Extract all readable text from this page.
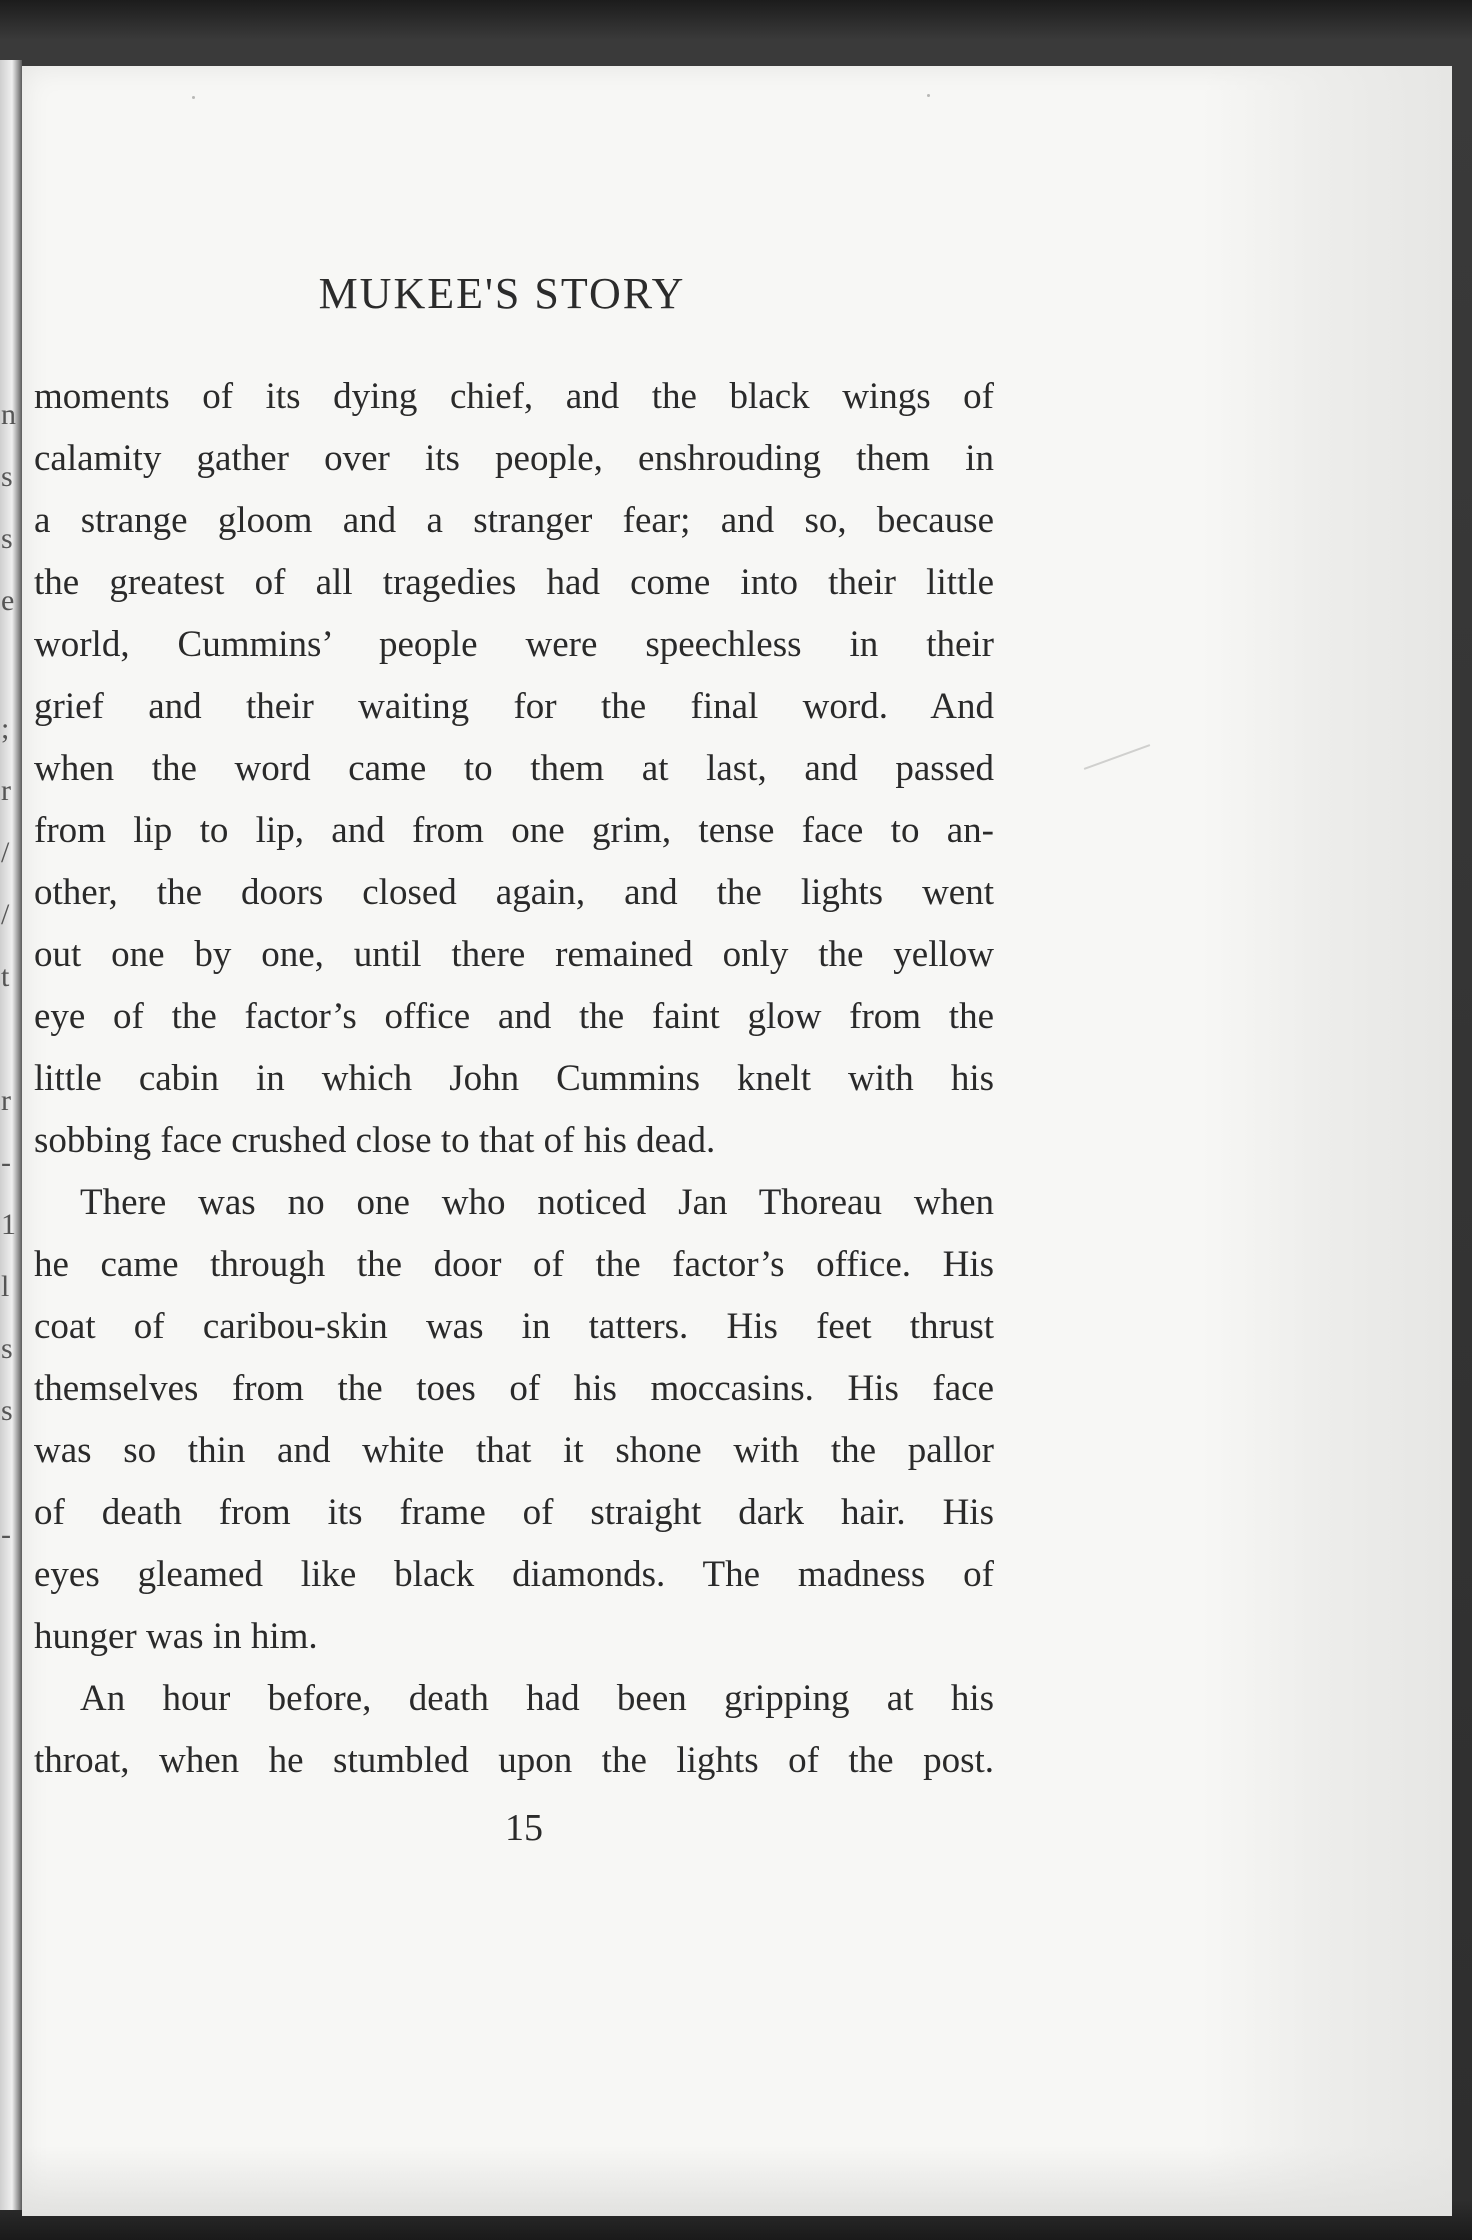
n
s
s
e
;
r
/
/
t
r
-
1
l
s
s
-
MUKEE'S STORY
moments of its dying chief, and the black wings of
calamity gather over its people, enshrouding them in
a strange gloom and a stranger fear; and so, because
the greatest of all tragedies had come into their little
world, Cummins’ people were speechless in their
grief and their waiting for the final word. And
when the word came to them at last, and passed
from lip to lip, and from one grim, tense face to an-
other, the doors closed again, and the lights went
out one by one, until there remained only the yellow
eye of the factor’s office and the faint glow from the
little cabin in which John Cummins knelt with his
sobbing face crushed close to that of his dead.
There was no one who noticed Jan Thoreau when
he came through the door of the factor’s office. His
coat of caribou-skin was in tatters. His feet thrust
themselves from the toes of his moccasins. His face
was so thin and white that it shone with the pallor
of death from its frame of straight dark hair. His
eyes gleamed like black diamonds. The madness of
hunger was in him.
An hour before, death had been gripping at his
throat, when he stumbled upon the lights of the post.
15
